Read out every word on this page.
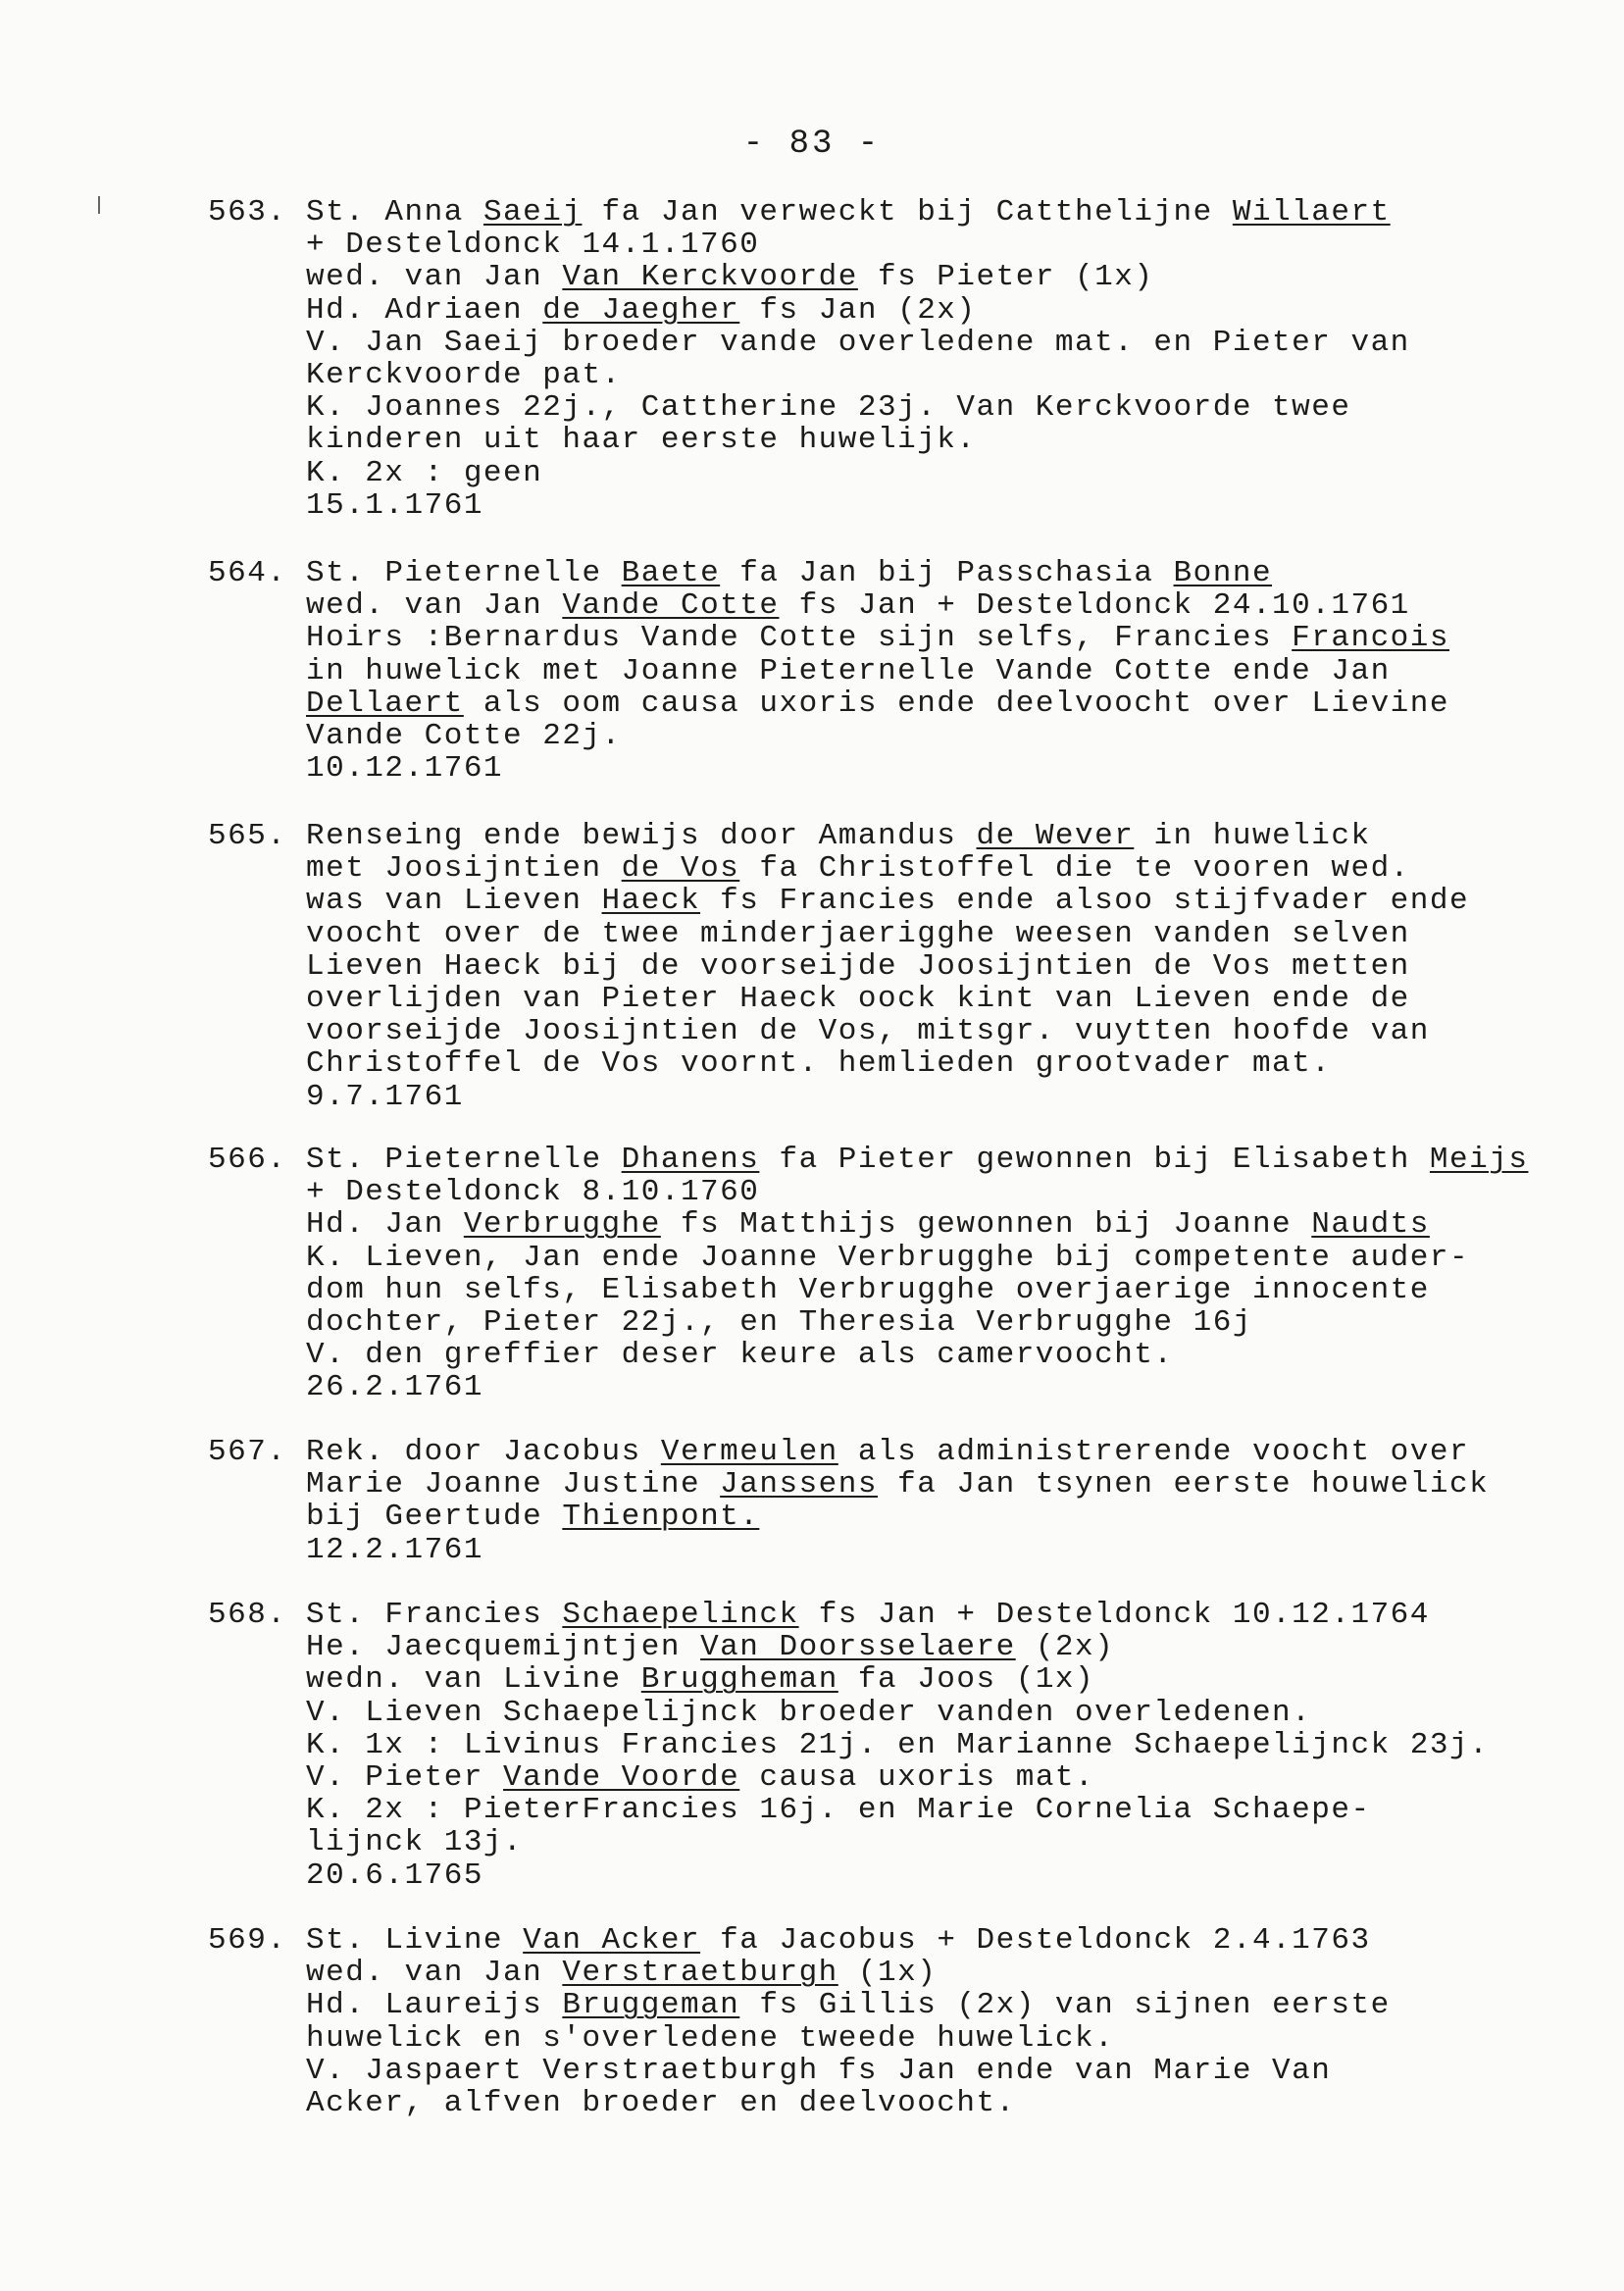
- 83 -
563. St. Anna Saeij fa Jan verweckt bij Catthelijne Willaert
+ Desteldonck 14.1.1760
wed. van Jan Van Kerckvoorde fs Pieter (1x)
Hd. Adriaen de Jaegher fs Jan (2x)
V. Jan Saeij broeder vande overledene mat. en Pieter van
Kerckvoorde pat.
K. Joannes 22j., Cattherine 23j. Van Kerckvoorde twee
kinderen uit haar eerste huwelijk.
K. 2x : geen
15.1.1761
564. St. Pieternelle Baete fa Jan bij Passchasia Bonne
wed. van Jan Vande Cotte fs Jan + Desteldonck 24.10.1761
Hoirs :Bernardus Vande Cotte sijn selfs, Francies Francois
in huwelick met Joanne Pieternelle Vande Cotte ende Jan
Dellaert als oom causa uxoris ende deelvoocht over Lievine
Vande Cotte 22j.
10.12.1761
565. Renseing ende bewijs door Amandus de Wever in huwelick
met Joosijntien de Vos fa Christoffel die te vooren wed.
was van Lieven Haeck fs Francies ende alsoo stijfvader ende
voocht over de twee minderjaerigghe weesen vanden selven
Lieven Haeck bij de voorseijde Joosijntien de Vos metten
overlijden van Pieter Haeck oock kint van Lieven ende de
voorseijde Joosijntien de Vos, mitsgr. vuytten hoofde van
Christoffel de Vos voornt. hemlieden grootvader mat.
9.7.1761
566. St. Pieternelle Dhanens fa Pieter gewonnen bij Elisabeth Meijs
+ Desteldonck 8.10.1760
Hd. Jan Verbrugghe fs Matthijs gewonnen bij Joanne Naudts
K. Lieven, Jan ende Joanne Verbrugghe bij competente auder-
dom hun selfs, Elisabeth Verbrugghe overjaerige innocente
dochter, Pieter 22j., en Theresia Verbrugghe 16j
V. den greffier deser keure als camervoocht.
26.2.1761
567. Rek. door Jacobus Vermeulen als administrerende voocht over
Marie Joanne Justine Janssens fa Jan tsynen eerste houwelick
bij Geertude Thienpont.
12.2.1761
568. St. Francies Schaepelinck fs Jan + Desteldonck 10.12.1764
He. Jaecquemijntjen Van Doorsselaere (2x)
wedn. van Livine Bruggheman fa Joos (1x)
V. Lieven Schaepelijnck broeder vanden overledenen.
K. 1x : Livinus Francies 21j. en Marianne Schaepelijnck 23j.
V. Pieter Vande Voorde causa uxoris mat.
K. 2x : PieterFrancies 16j. en Marie Cornelia Schaepe-
lijnck 13j.
20.6.1765
569. St. Livine Van Acker fa Jacobus + Desteldonck 2.4.1763
wed. van Jan Verstraetburgh (1x)
Hd. Laureijs Bruggeman fs Gillis (2x) van sijnen eerste
huwelick en s'overledene tweede huwelick.
V. Jaspaert Verstraetburgh fs Jan ende van Marie Van
Acker, alfven broeder en deelvoocht.
